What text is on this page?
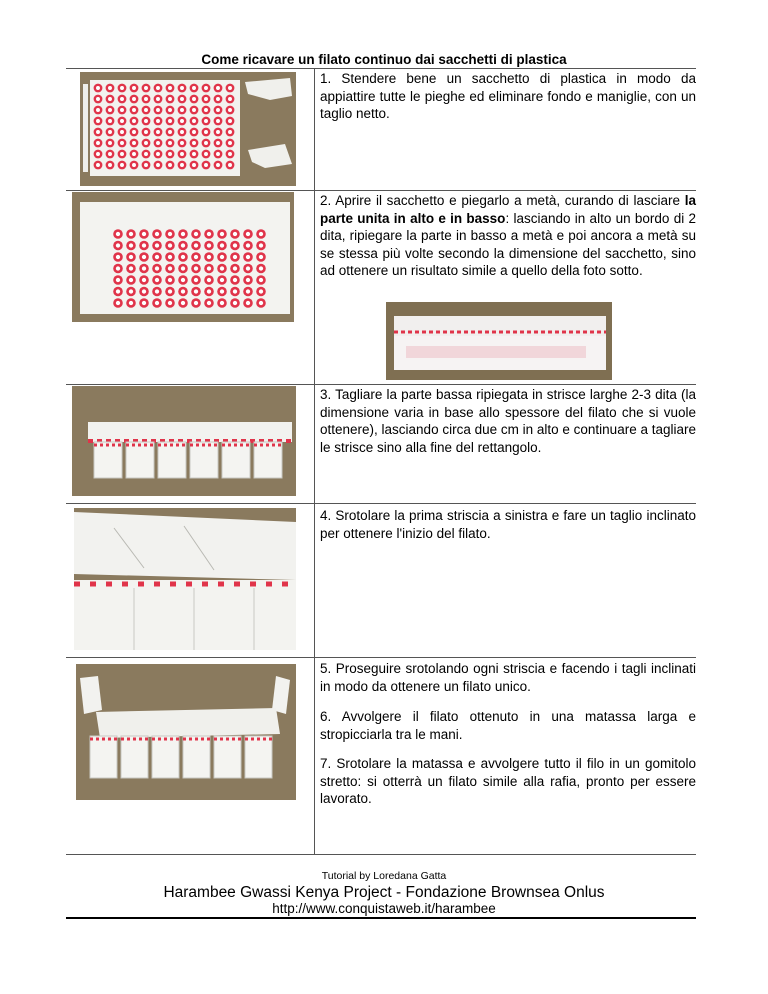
Come ricavare un filato continuo dai sacchetti di plastica
1. Stendere bene un sacchetto di plastica in modo da appiattire tutte le pieghe ed eliminare fondo e maniglie, con un taglio netto.
2. Aprire il sacchetto e piegarlo a metà, curando di lasciare la parte unita in alto e in basso: lasciando in alto un bordo di 2 dita, ripiegare la parte in basso a metà e poi ancora a metà su se stessa più volte secondo la dimensione del sacchetto, sino ad ottenere un risultato simile a quello della foto sotto.
3. Tagliare la parte bassa ripiegata in strisce larghe 2-3 dita (la dimensione varia in base allo spessore del filato che si vuole ottenere), lasciando circa due cm in alto e continuare a tagliare le strisce sino alla fine del rettangolo.
4. Srotolare la prima striscia a sinistra e fare un taglio inclinato per ottenere l'inizio del filato.
5. Proseguire srotolando ogni striscia e facendo i tagli inclinati in modo da ottenere un filato unico.
6. Avvolgere il filato ottenuto in una matassa larga e stropicciarla tra le mani.
7. Srotolare la matassa e avvolgere tutto il filo in un gomitolo stretto: si otterrà un filato simile alla rafia, pronto per essere lavorato.
Tutorial by Loredana Gatta
Harambee Gwassi Kenya Project - Fondazione Brownsea Onlus
http://www.conquistaweb.it/harambee
